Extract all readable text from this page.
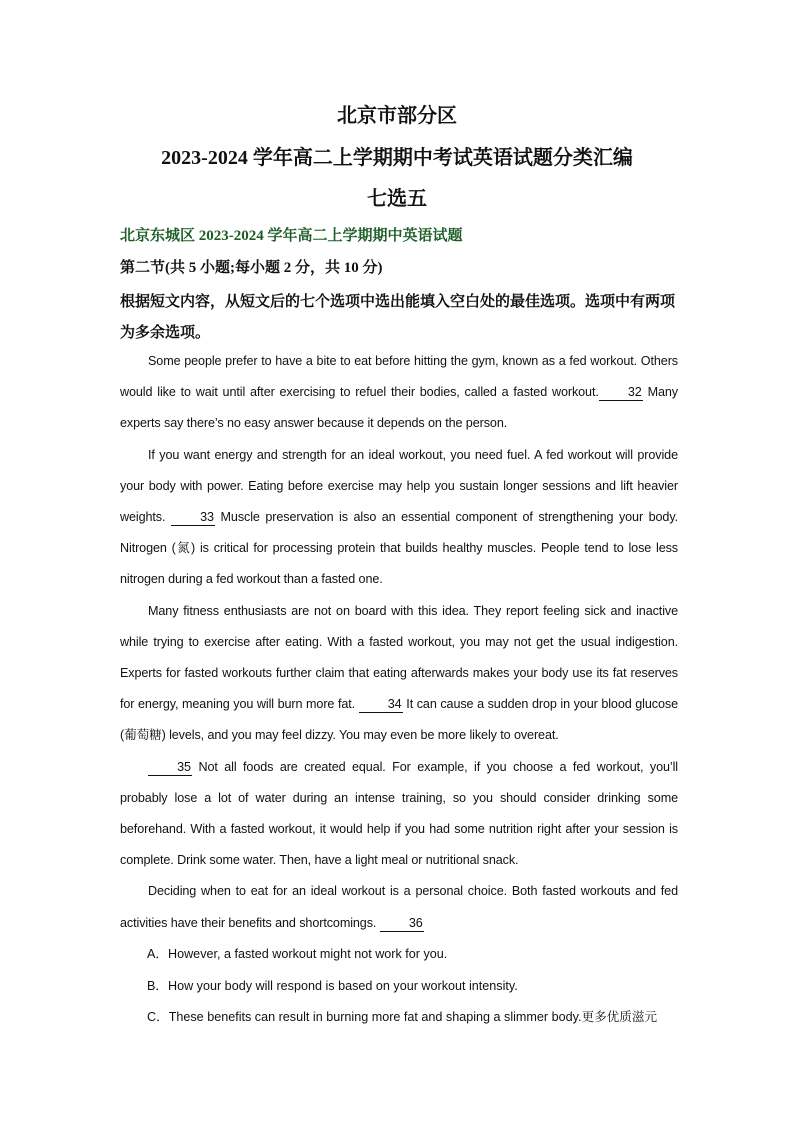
北京市部分区
2023-2024 学年高二上学期期中考试英语试题分类汇编
七选五
北京东城区 2023-2024 学年高二上学期期中英语试题
第二节(共 5 小题;每小题 2 分，共 10 分)
根据短文内容，从短文后的七个选项中选出能填入空白处的最佳选项。选项中有两项为多余选项。

Some people prefer to have a bite to eat before hitting the gym, known as a fed workout. Others would like to wait until after exercising to refuel their bodies, called a fasted workout. 32 Many experts say there’s no easy answer because it depends on the person.

If you want energy and strength for an ideal workout, you need fuel. A fed workout will provide your body with power. Eating before exercise may help you sustain longer sessions and lift heavier weights. 33 Muscle preservation is also an essential component of strengthening your body. Nitrogen (氮) is critical for processing protein that builds healthy muscles. People tend to lose less nitrogen during a fed workout than a fasted one.

Many fitness enthusiasts are not on board with this idea. They report feeling sick and inactive while trying to exercise after eating. With a fasted workout, you may not get the usual indigestion. Experts for fasted workouts further claim that eating afterwards makes your body use its fat reserves for energy, meaning you will burn more fat. 34 It can cause a sudden drop in your blood glucose (葡萄糖) levels, and you may feel dizzy. You may even be more likely to overeat.

35 Not all foods are created equal. For example, if you choose a fed workout, you’ll probably lose a lot of water during an intense training, so you should consider drinking some beforehand. With a fasted workout, it would help if you had some nutrition right after your session is complete. Drink some water. Then, have a light meal or nutritional snack.

Deciding when to eat for an ideal workout is a personal choice. Both fasted workouts and fed activities have their benefits and shortcomings. 36

A．However, a fasted workout might not work for you.
B．How your body will respond is based on your workout intensity.
C．These benefits can result in burning more fat and shaping a slimmer body.更多优质滋元
